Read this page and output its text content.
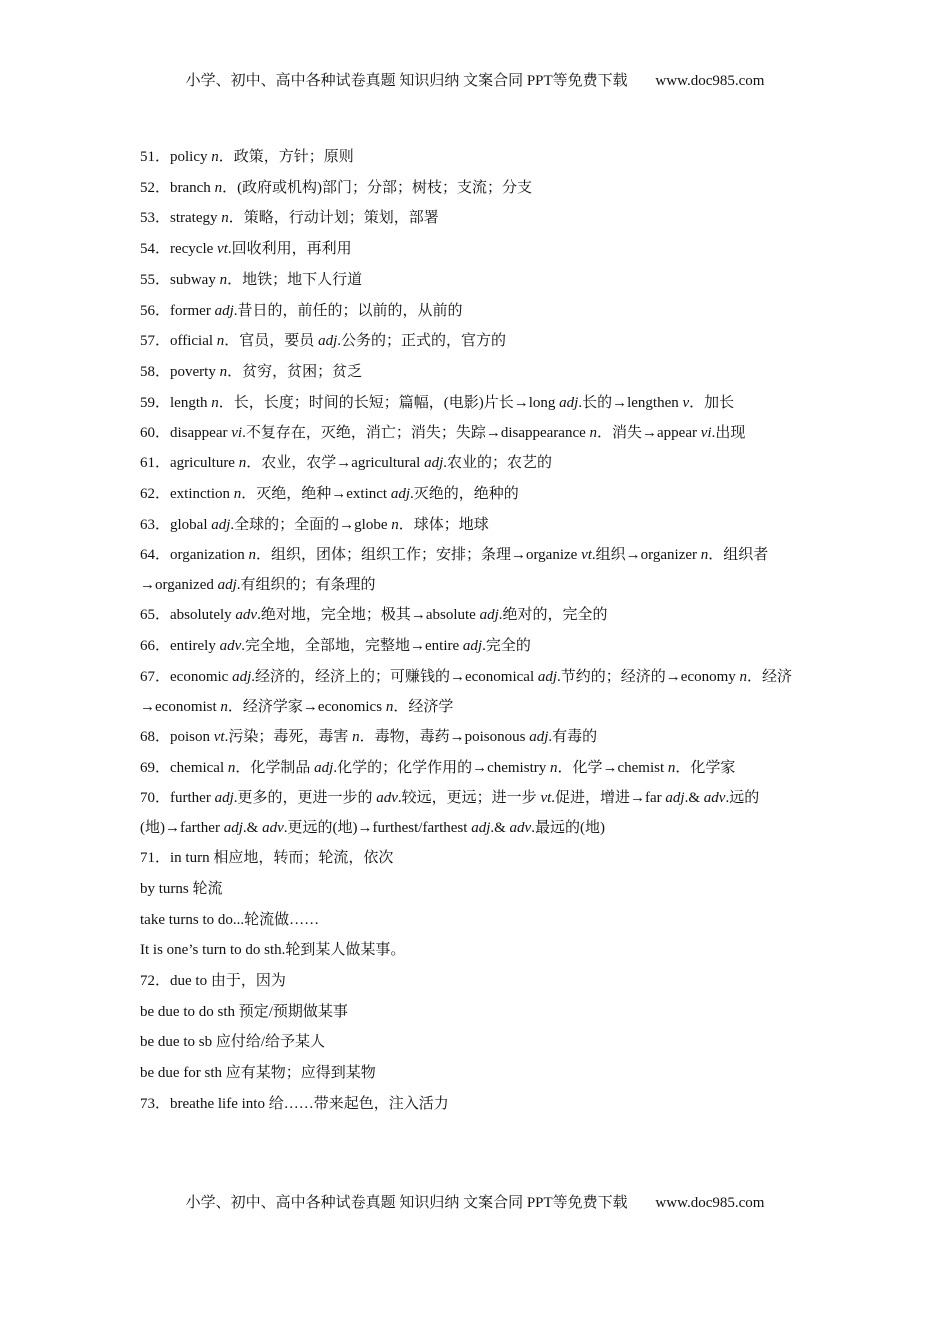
小学、初中、高中各种试卷真题 知识归纳 文案合同 PPT等免费下载 www.doc985.com
51．policy n．政策，方针；原则
52．branch n．(政府或机构)部门；分部；树枝；支流；分支
53．strategy n．策略，行动计划；策划，部署
54．recycle vt.回收利用，再利用
55．subway n．地铁；地下人行道
56．former adj.昔日的，前任的；以前的，从前的
57．official n．官员，要员 adj.公务的；正式的，官方的
58．poverty n．贫穷，贫困；贫乏
59．length n．长，长度；时间的长短；篇幅，(电影)片长→long adj.长的→lengthen v．加长
60．disappear vi.不复存在，灭绝，消亡；消失；失踪→disappearance n．消失→appear vi.出现
61．agriculture n．农业，农学→agricultural adj.农业的；农艺的
62．extinction n．灭绝，绝种→extinct adj.灭绝的，绝种的
63．global adj.全球的；全面的→globe n．球体；地球
64．organization n．组织，团体；组织工作；安排；条理→organize vt.组织→organizer n．组织者→organized adj.有组织的；有条理的
65．absolutely adv.绝对地，完全地；极其→absolute adj.绝对的，完全的
66．entirely adv.完全地，全部地，完整地→entire adj.完全的
67．economic adj.经济的，经济上的；可赚钱的→economical adj.节约的；经济的→economy n．经济→economist n．经济学家→economics n．经济学
68．poison vt.污染；毒死，毒害 n．毒物，毒药→poisonous adj.有毒的
69．chemical n．化学制品 adj.化学的；化学作用的→chemistry n．化学→chemist n．化学家
70．further adj.更多的，更进一步的 adv.较远，更远；进一步 vt.促进，增进→far adj.& adv.远的(地)→farther adj.& adv.更远的(地)→furthest/farthest adj.& adv.最远的(地)
71．in turn 相应地，转而；轮流，依次
by turns 轮流
take turns to do...轮流做……
It is one’s turn to do sth.轮到某人做某事。
72．due to 由于，因为
be due to do sth 预定/预期做某事
be due to sb 应付给/给予某人
be due for sth 应有某物；应得到某物
73．breathe life into 给……带来起色，注入活力
小学、初中、高中各种试卷真题 知识归纳 文案合同 PPT等免费下载 www.doc985.com
